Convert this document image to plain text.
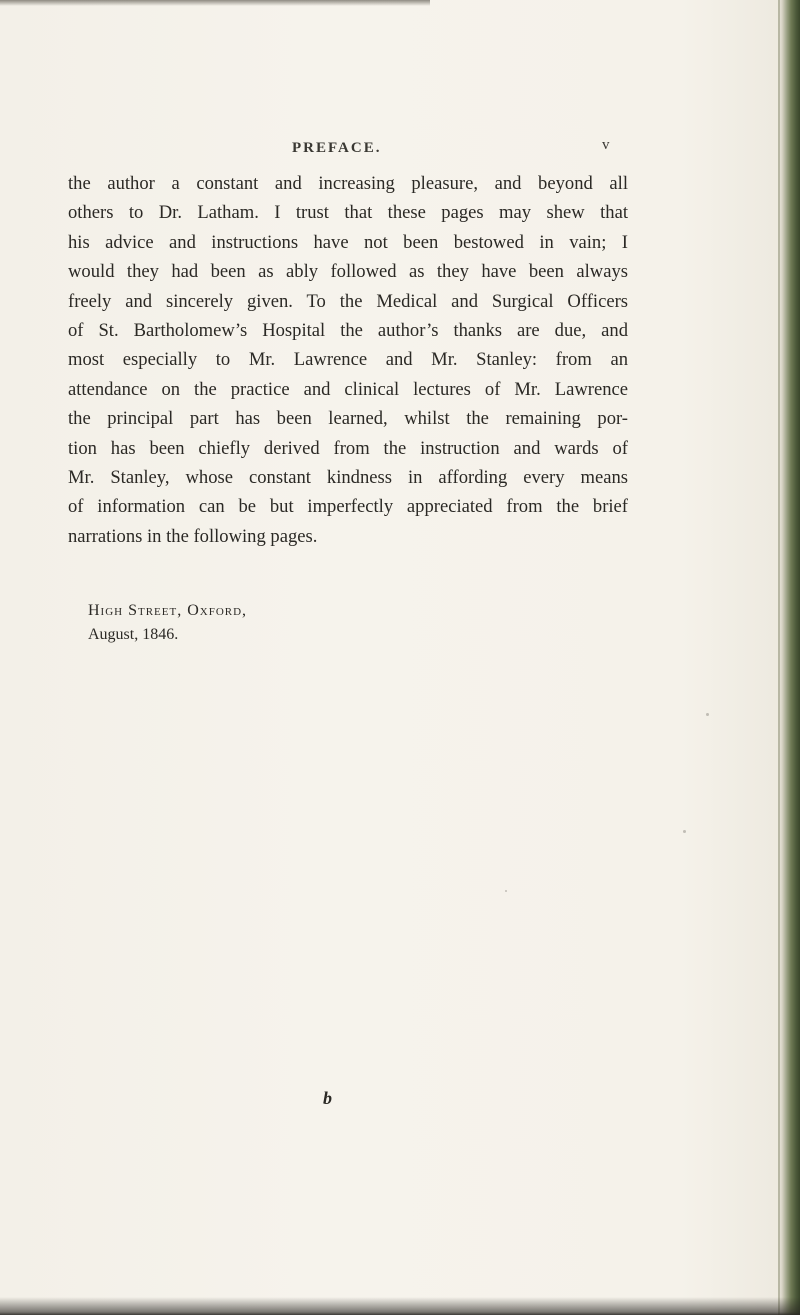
PREFACE.	v

the author a constant and increasing pleasure, and beyond all
others to Dr. Latham. I trust that these pages may shew that
his advice and instructions have not been bestowed in vain; I
would they had been as ably followed as they have been always
freely and sincerely given. To the Medical and Surgical Officers
of St. Bartholomew’s Hospital the author’s thanks are due, and
most especially to Mr. Lawrence and Mr. Stanley: from an
attendance on the practice and clinical lectures of Mr. Lawrence
the principal part has been learned, whilst the remaining por-
tion has been chiefly derived from the instruction and wards of
Mr. Stanley, whose constant kindness in affording every means
of information can be but imperfectly appreciated from the brief
narrations in the following pages.

High Street, Oxford,
August, 1846.
b
